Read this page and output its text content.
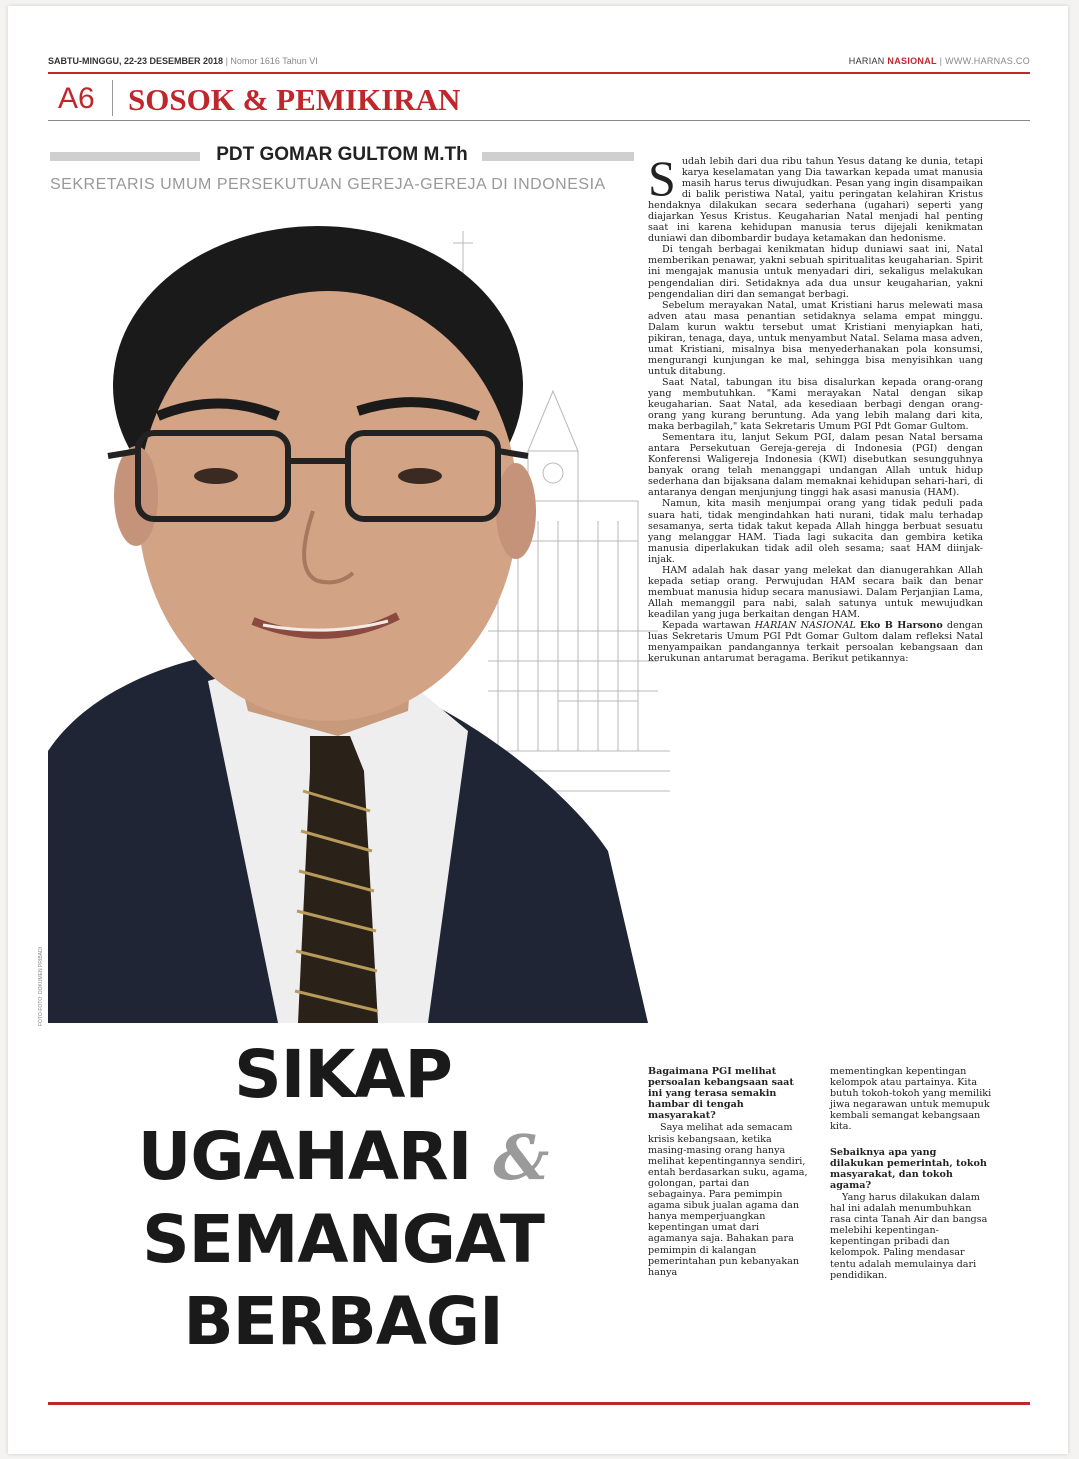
SABTU-MINGGU, 22-23 DESEMBER 2018 | Nomor 1616 Tahun VI	HARIAN NASIONAL | WWW.HARNAS.CO
A6 SOSOK & PEMIKIRAN
PDT GOMAR GULTOM M.Th
SEKRETARIS UMUM PERSEKUTUAN GEREJA-GEREJA DI INDONESIA
FOTO-FOTO: DOKUMEN PRIBADI

Sudah lebih dari dua ribu tahun Yesus datang ke dunia, tetapi karya keselamatan yang Dia tawarkan kepada umat manusia masih harus terus diwujudkan. Pesan yang ingin disampaikan di balik peristiwa Natal, yaitu peringatan kelahiran Kristus hendaknya dilakukan secara sederhana (ugahari) seperti yang diajarkan Yesus Kristus. Keugaharian Natal menjadi hal penting saat ini karena kehidupan manusia terus dijejali kenikmatan duniawi dan dibombardir budaya ketamakan dan hedonisme.

Di tengah berbagai kenikmatan hidup duniawi saat ini, Natal memberikan penawar, yakni sebuah spiritualitas keugaharian. Spirit ini mengajak manusia untuk menyadari diri, sekaligus melakukan pengendalian diri. Setidaknya ada dua unsur keugaharian, yakni pengendalian diri dan semangat berbagi.

Sebelum merayakan Natal, umat Kristiani harus melewati masa adven atau masa penantian setidaknya selama empat minggu. Dalam kurun waktu tersebut umat Kristiani menyiapkan hati, pikiran, tenaga, daya, untuk menyambut Natal. Selama masa adven, umat Kristiani, misalnya bisa menyederhanakan pola konsumsi, mengurangi kunjungan ke mal, sehingga bisa menyisihkan uang untuk ditabung.

Saat Natal, tabungan itu bisa disalurkan kepada orang-orang yang membutuhkan. "Kami merayakan Natal dengan sikap keugaharian. Saat Natal, ada kesediaan berbagi dengan orang-orang yang kurang beruntung. Ada yang lebih malang dari kita, maka berbagilah," kata Sekretaris Umum PGI Pdt Gomar Gultom.

Sementara itu, lanjut Sekum PGI, dalam pesan Natal bersama antara Persekutuan Gereja-gereja di Indonesia (PGI) dengan Konferensi Waligereja Indonesia (KWI) disebutkan sesungguhnya banyak orang telah menanggapi undangan Allah untuk hidup sederhana dan bijaksana dalam memaknai kehidupan sehari-hari, di antaranya dengan menjunjung tinggi hak asasi manusia (HAM).

Namun, kita masih menjumpai orang yang tidak peduli pada suara hati, tidak mengindahkan hati nurani, tidak malu terhadap sesamanya, serta tidak takut kepada Allah hingga berbuat sesuatu yang melanggar HAM. Tiada lagi sukacita dan gembira ketika manusia diperlakukan tidak adil oleh sesama; saat HAM diinjak-injak.

HAM adalah hak dasar yang melekat dan dianugerahkan Allah kepada setiap orang. Perwujudan HAM secara baik dan benar membuat manusia hidup secara manusiawi. Dalam Perjanjian Lama, Allah memanggil para nabi, salah satunya untuk mewujudkan keadilan yang juga berkaitan dengan HAM.

Kepada wartawan HARIAN NASIONAL Eko B Harsono dengan luas Sekretaris Umum PGI Pdt Gomar Gultom dalam refleksi Natal menyampaikan pandangannya terkait persoalan kebangsaan dan kerukunan antarumat beragama. Berikut petikannya:

SIKAP
UGAHARI &
SEMANGAT
BERBAGI

Bagaimana PGI melihat persoalan kebangsaan saat ini yang terasa semakin hambar di tengah masyarakat?

Saya melihat ada semacam krisis kebangsaan, ketika masing-masing orang hanya melihat kepentingannya sendiri, entah berdasarkan suku, agama, golongan, partai dan sebagainya. Para pemimpin agama sibuk jualan agama dan hanya memperjuangkan kepentingan umat dari agamanya saja. Bahakan para pemimpin di kalangan pemerintahan pun kebanyakan hanya

mementingkan kepentingan kelompok atau partainya. Kita butuh tokoh-tokoh yang memiliki jiwa negarawan untuk memupuk kembali semangat kebangsaan kita.

Sebaiknya apa yang dilakukan pemerintah, tokoh masyarakat, dan tokoh agama?

Yang harus dilakukan dalam hal ini adalah menumbuhkan rasa cinta Tanah Air dan bangsa melebihi kepentingan-kepentingan pribadi dan kelompok. Paling mendasar tentu adalah memulainya dari pendidikan.
